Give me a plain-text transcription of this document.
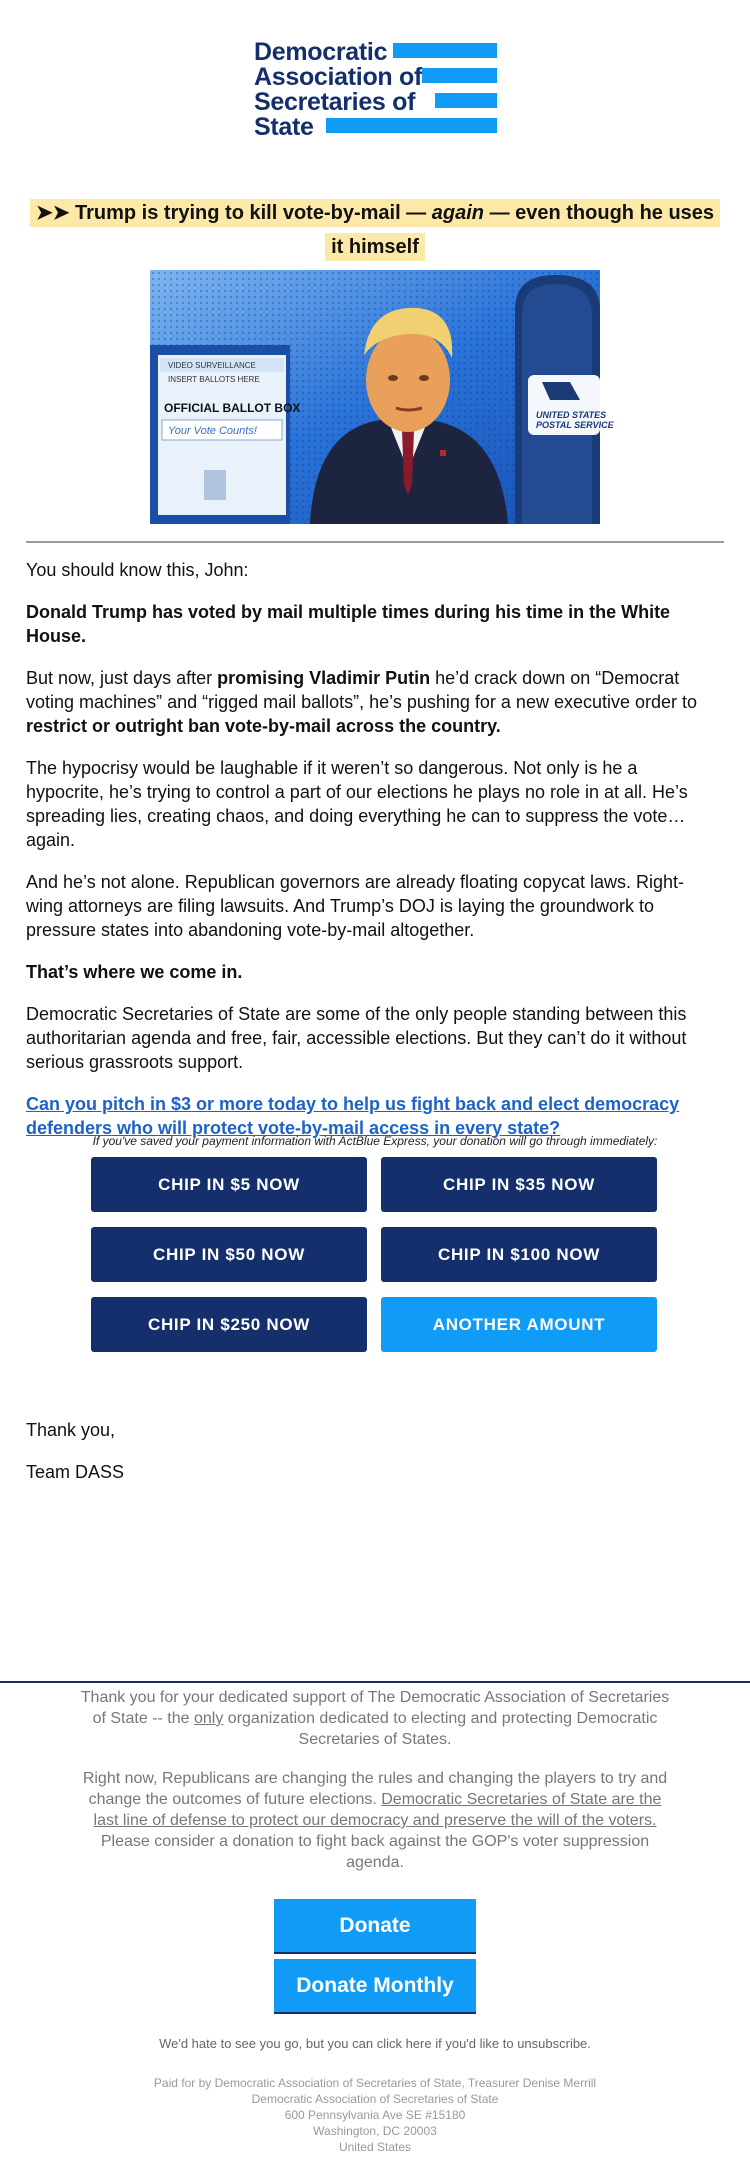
Democratic
Association of
Secretaries of
State
➤➤ Trump is trying to kill vote-by-mail — again — even though he uses it himself
VIDEO SURVEILLANCE
INSERT BALLOTS HERE
OFFICIAL BALLOT BOX
Your Vote Counts!
UNITED STATES
POSTAL SERVICE

You should know this, John:

Donald Trump has voted by mail multiple times during his time in the White House.

But now, just days after promising Vladimir Putin he’d crack down on “Democrat voting machines” and “rigged mail ballots”, he’s pushing for a new executive order to restrict or outright ban vote-by-mail across the country.

The hypocrisy would be laughable if it weren’t so dangerous. Not only is he a hypocrite, he’s trying to control a part of our elections he plays no role in at all. He’s spreading lies, creating chaos, and doing everything he can to suppress the vote… again.

And he’s not alone. Republican governors are already floating copycat laws. Right-wing attorneys are filing lawsuits. And Trump’s DOJ is laying the groundwork to pressure states into abandoning vote-by-mail altogether.

That’s where we come in.

Democratic Secretaries of State are some of the only people standing between this authoritarian agenda and free, fair, accessible elections. But they can’t do it without serious grassroots support.

Can you pitch in $3 or more today to help us fight back and elect democracy defenders who will protect vote-by-mail access in every state?

If you've saved your payment information with ActBlue Express, your donation will go through immediately:
CHIP IN $5 NOW	CHIP IN $35 NOW
CHIP IN $50 NOW	CHIP IN $100 NOW
CHIP IN $250 NOW	ANOTHER AMOUNT

Thank you,

Team DASS

Thank you for your dedicated support of The Democratic Association of Secretaries of State -- the only organization dedicated to electing and protecting Democratic Secretaries of States.

Right now, Republicans are changing the rules and changing the players to try and change the outcomes of future elections. Democratic Secretaries of State are the last line of defense to protect our democracy and preserve the will of the voters. Please consider a donation to fight back against the GOP's voter suppression agenda.

Donate
Donate Monthly
We'd hate to see you go, but you can click here if you'd like to unsubscribe.
Paid for by Democratic Association of Secretaries of State, Treasurer Denise Merrill
Democratic Association of Secretaries of State
600 Pennsylvania Ave SE #15180
Washington, DC 20003
United States
